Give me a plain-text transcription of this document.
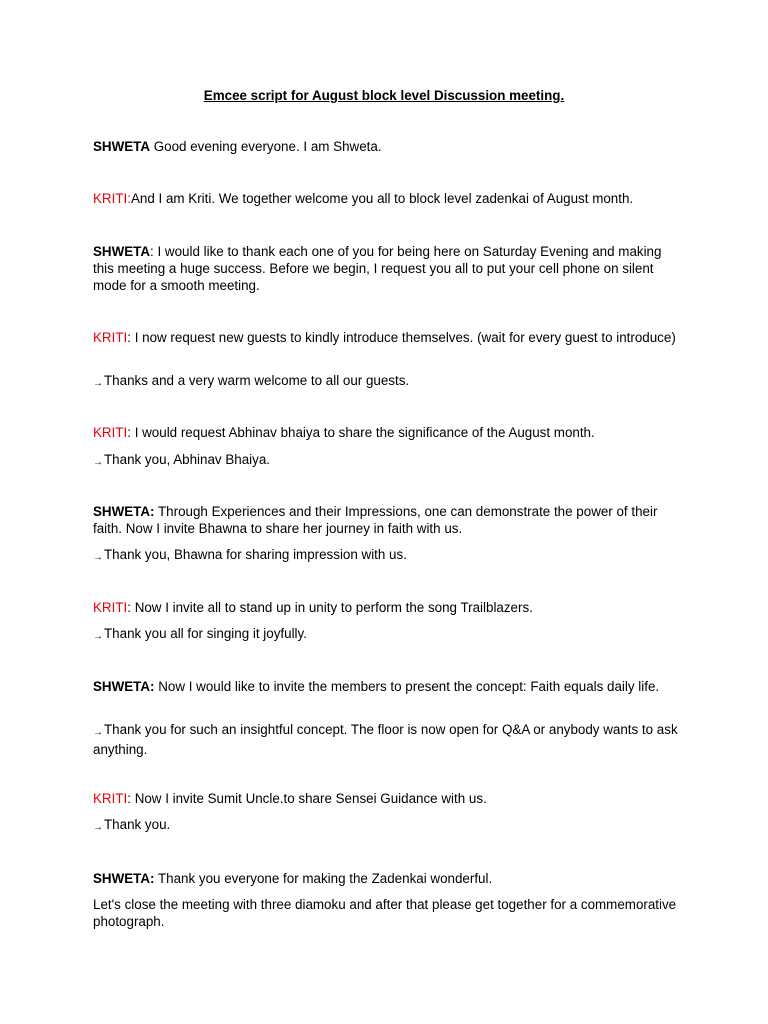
Emcee script for August block level Discussion meeting.
SHWETA Good evening everyone. I am Shweta.
KRITI:And I am Kriti. We together welcome you all to block level zadenkai of August month.
SHWETA: I would like to thank each one of you for being here on Saturday Evening and making this meeting a huge success. Before we begin, I request you all to put your cell phone on silent mode for a smooth meeting.
KRITI: I now request new guests to kindly introduce themselves. (wait for every guest to introduce)
→Thanks and a very warm welcome to all our guests.
KRITI: I would request Abhinav bhaiya to share the significance of the August month.
→Thank you, Abhinav Bhaiya.
SHWETA: Through Experiences and their Impressions, one can demonstrate the power of their faith. Now I invite Bhawna to share her journey in faith with us.
→Thank you, Bhawna for sharing impression with us.
KRITI: Now I invite all to stand up in unity to perform the song Trailblazers.
→Thank you all for singing it joyfully.
SHWETA: Now I would like to invite the members to present the concept: Faith equals daily life.
→Thank you for such an insightful concept. The floor is now open for Q&A or anybody wants to ask anything.
KRITI: Now I invite Sumit Uncle.to share Sensei Guidance with us.
→Thank you.
SHWETA: Thank you everyone for making the Zadenkai wonderful.
Let's close the meeting with three diamoku and after that please get together for a commemorative photograph.
